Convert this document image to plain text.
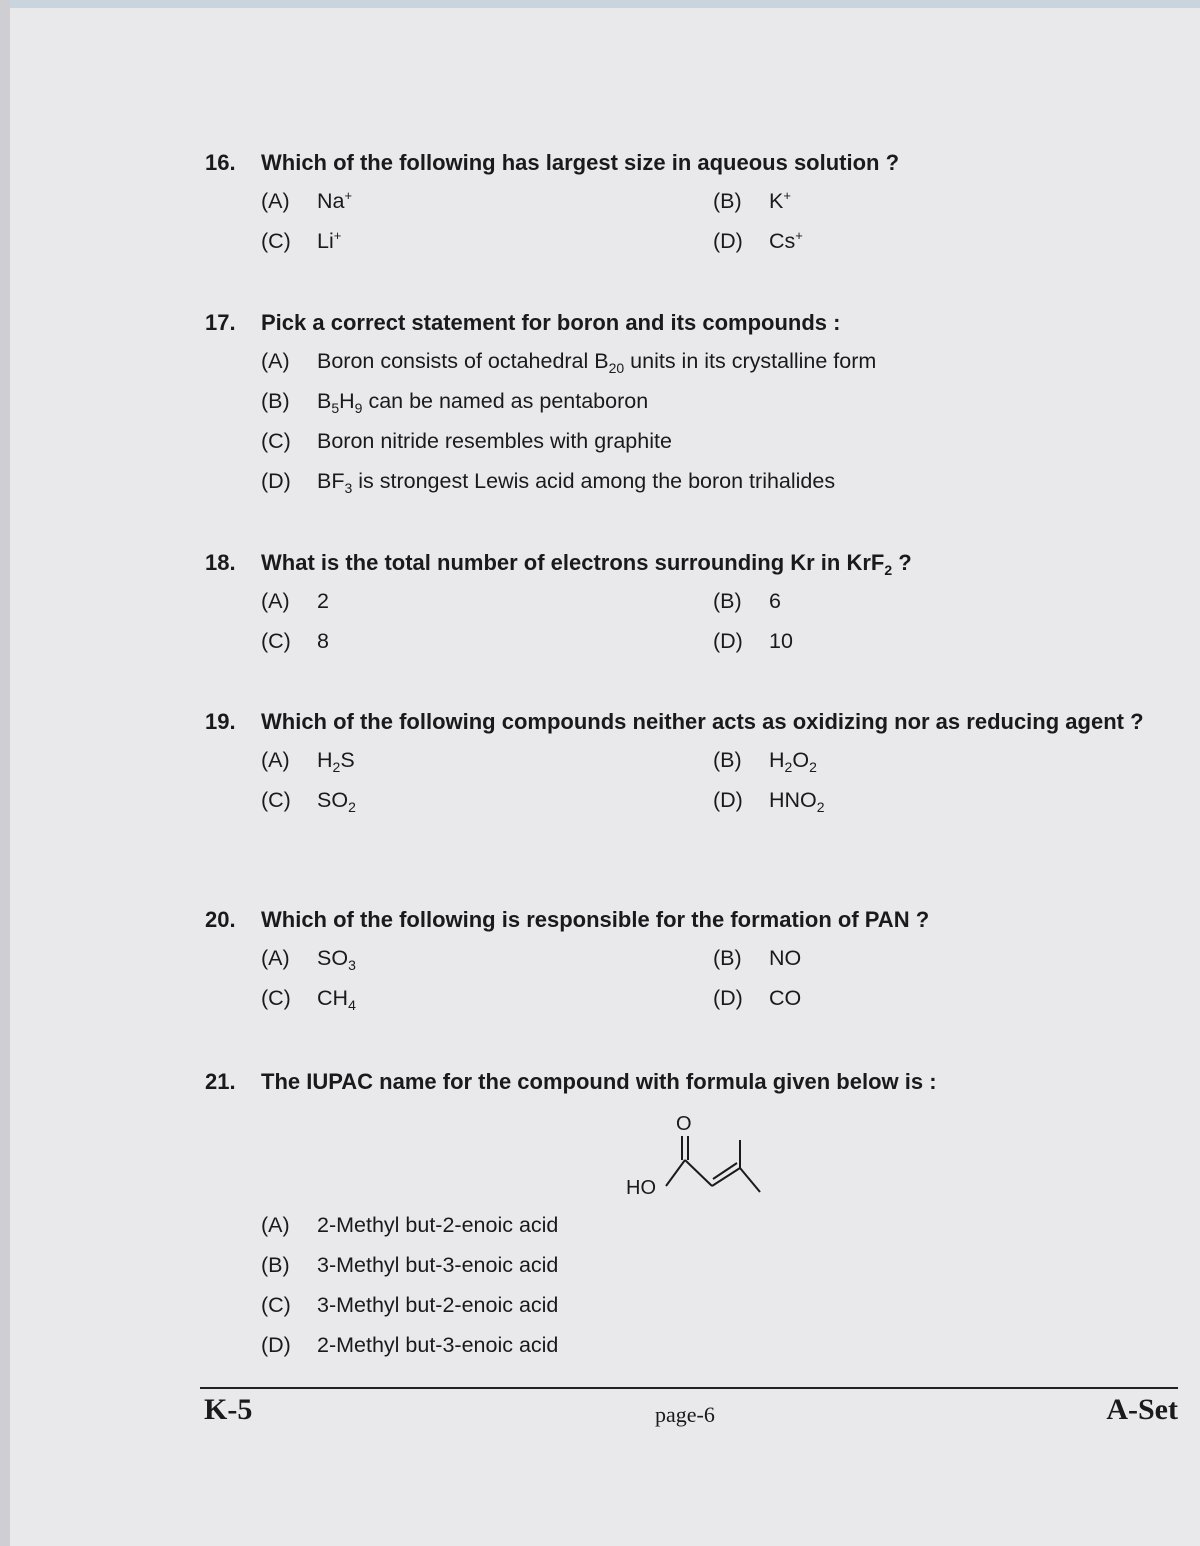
16.	Which of the following has largest size in aqueous solution ?
(A)	Na+	(B)	K+
(C)	Li+	(D)	Cs+
17.	Pick a correct statement for boron and its compounds :
(A)	Boron consists of octahedral $B_{20}$ units in its crystalline form
(B)	$B_5H_9$ can be named as pentaboron
(C)	Boron nitride resembles with graphite
(D)	$BF_3$ is strongest Lewis acid among the boron trihalides
18.	What is the total number of electrons surrounding Kr in KrF$_2$ ?
(A)	2	(B)	6
(C)	8	(D)	10
19.	Which of the following compounds neither acts as oxidizing nor as reducing agent ?
(A)	$H_2S$	(B)	$H_2O_2$
(C)	$SO_2$	(D)	$HNO_2$
20.	Which of the following is responsible for the formation of PAN ?
(A)	$SO_3$	(B)	NO
(C)	$CH_4$	(D)	CO
21.	The IUPAC name for the compound with formula given below is :
O
HO
(A)	2-Methyl but-2-enoic acid
(B)	3-Methyl but-3-enoic acid
(C)	3-Methyl but-2-enoic acid
(D)	2-Methyl but-3-enoic acid
K-5	page-6	A-Set
